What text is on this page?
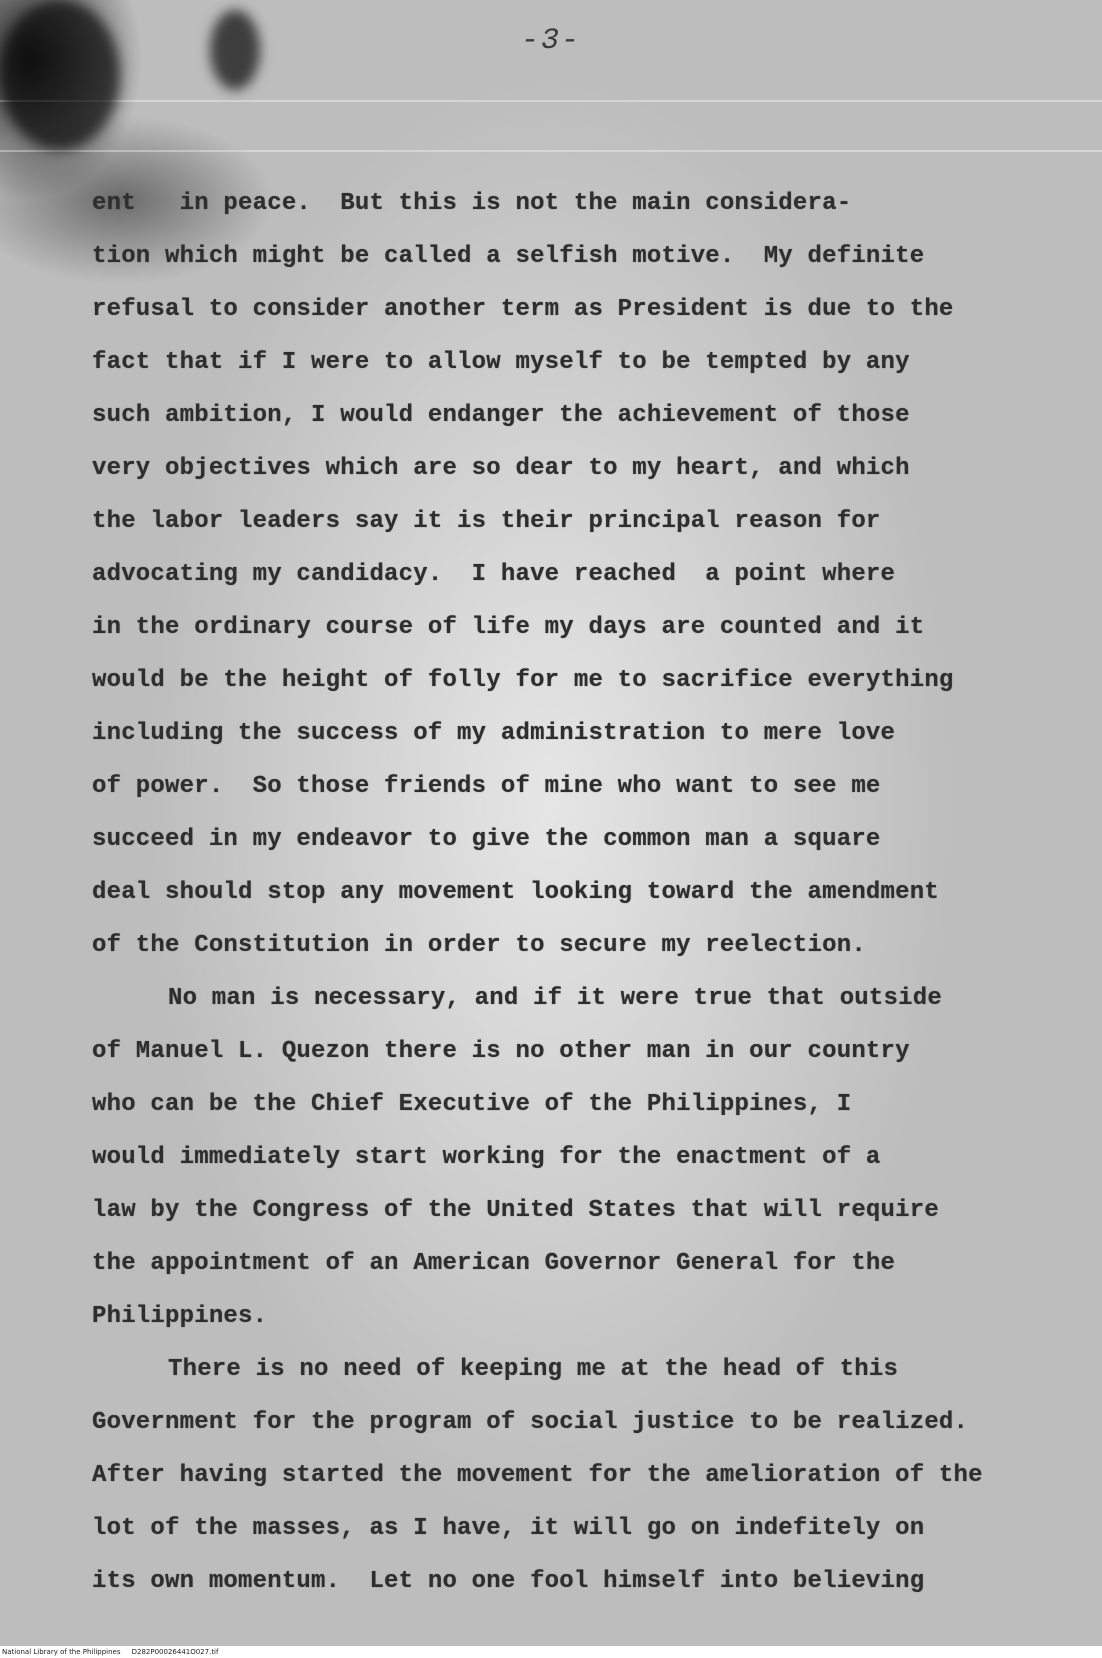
-3-
ent   in peace.  But this is not the main considera-
tion which might be called a selfish motive.  My definite
refusal to consider another term as President is due to the
fact that if I were to allow myself to be tempted by any
such ambition, I would endanger the achievement of those
very objectives which are so dear to my heart, and which
the labor leaders say it is their principal reason for
advocating my candidacy.  I have reached  a point where
in the ordinary course of life my days are counted and it
would be the height of folly for me to sacrifice everything
including the success of my administration to mere love
of power.  So those friends of mine who want to see me
succeed in my endeavor to give the common man a square
deal should stop any movement looking toward the amendment
of the Constitution in order to secure my reelection.
No man is necessary, and if it were true that outside
of Manuel L. Quezon there is no other man in our country
who can be the Chief Executive of the Philippines, I
would immediately start working for the enactment of a
law by the Congress of the United States that will require
the appointment of an American Governor General for the
Philippines.
There is no need of keeping me at the head of this
Government for the program of social justice to be realized.
After having started the movement for the amelioration of the
lot of the masses, as I have, it will go on indefitely on
its own momentum.  Let no one fool himself into believing
National Library of the Philippines     D282P00026441O027.tif
